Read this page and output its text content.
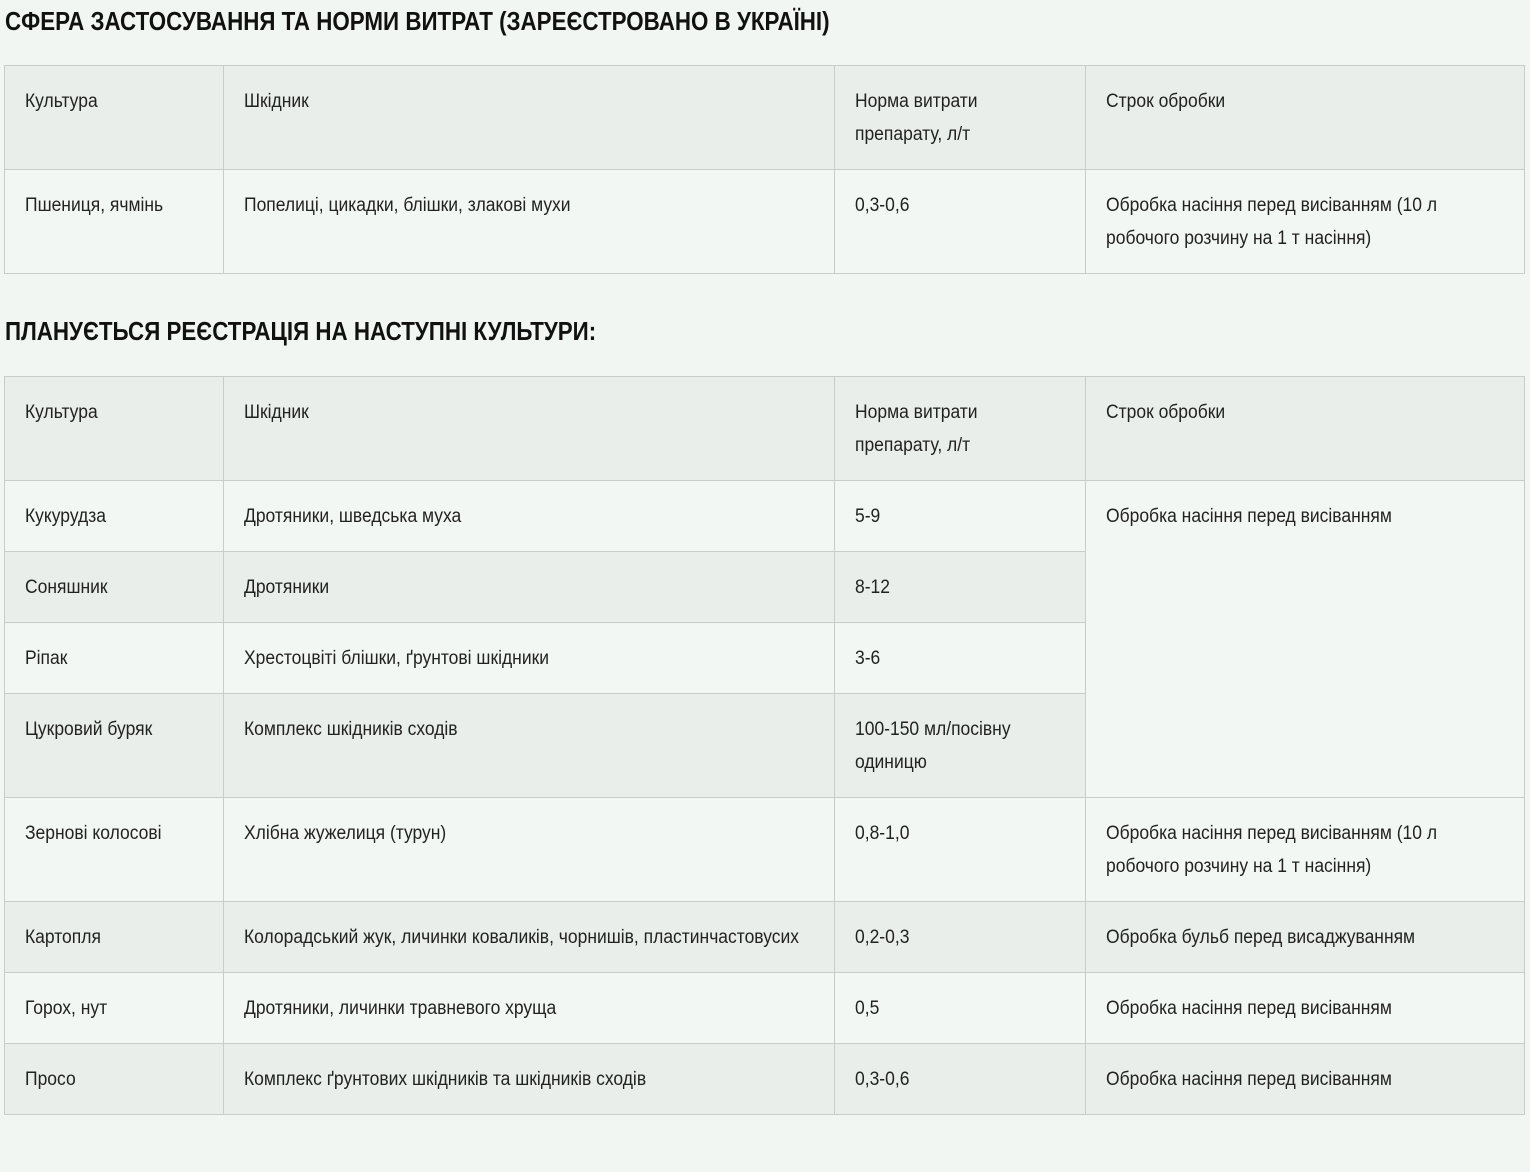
СФЕРА ЗАСТОСУВАННЯ ТА НОРМИ ВИТРАТ (ЗАРЕЄСТРОВАНО В УКРАЇНІ)
Культура	Шкідник	Норма витрати препарату, л/т	Строк обробки
Пшениця, ячмінь	Попелиці, цикадки, блішки, злакові мухи	0,3-0,6	Обробка насіння перед висіванням (10 л робочого розчину на 1 т насіння)
ПЛАНУЄТЬСЯ РЕЄСТРАЦІЯ НА НАСТУПНІ КУЛЬТУРИ:
Культура	Шкідник	Норма витрати препарату, л/т	Строк обробки
Кукурудза	Дротяники, шведська муха	5-9	Обробка насіння перед висіванням
Соняшник	Дротяники	8-12	
Ріпак	Хрестоцвіті блішки, ґрунтові шкідники	3-6	
Цукровий буряк	Комплекс шкідників сходів	100-150 мл/посівну одиницю	
Зернові колосові	Хлібна жужелиця (турун)	0,8-1,0	Обробка насіння перед висіванням (10 л робочого розчину на 1 т насіння)
Картопля	Колорадський жук, личинки коваликів, чорнишів, пластинчастовусих	0,2-0,3	Обробка бульб перед висаджуванням
Горох, нут	Дротяники, личинки травневого хруща	0,5	Обробка насіння перед висіванням
Просо	Комплекс ґрунтових шкідників та шкідників сходів	0,3-0,6	Обробка насіння перед висіванням
